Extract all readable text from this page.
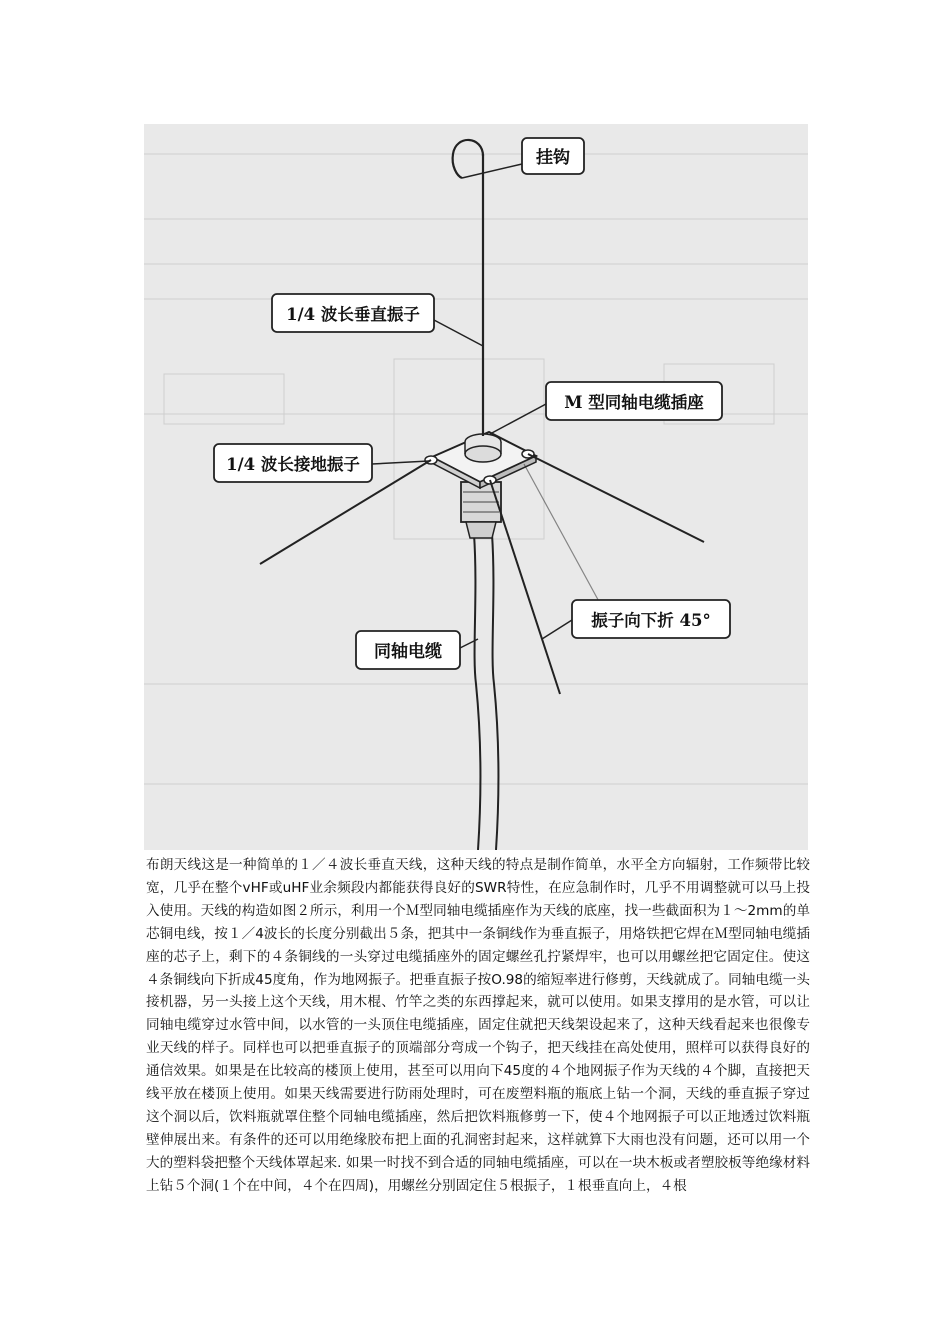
挂钩
1/4 波长垂直振子
M 型同轴电缆插座
1/4 波长接地振子
振子向下折 45°
同轴电缆

布朗天线这是一种简单的１／４波长垂直天线，这种天线的特点是制作简单，水平全方向辐射，工作频带比较宽，几乎在整个vHF或uHF业余频段内都能获得良好的SWR特性，在应急制作时，几乎不用调整就可以马上投入使用。天线的构造如图２所示，利用一个Ｍ型同轴电缆插座作为天线的底座，找一些截面积为１～2mm的单芯铜电线，按１／4波长的长度分别截出５条，把其中一条铜线作为垂直振子，用烙铁把它焊在Ｍ型同轴电缆插座的芯子上，剩下的４条铜线的一头穿过电缆插座外的固定螺丝孔拧紧焊牢，也可以用螺丝把它固定住。使这４条铜线向下折成45度角，作为地网振子。把垂直振子按O.98的缩短率进行修剪，天线就成了。同轴电缆一头接机器，另一头接上这个天线，用木棍、竹竿之类的东西撑起来，就可以使用。如果支撑用的是水管，可以让同轴电缆穿过水管中间，以水管的一头顶住电缆插座，固定住就把天线架设起来了，这种天线看起来也很像专业天线的样子。同样也可以把垂直振子的顶端部分弯成一个钩子，把天线挂在高处使用，照样可以获得良好的通信效果。如果是在比较高的楼顶上使用，甚至可以用向下45度的４个地网振子作为天线的４个脚，直接把天线平放在楼顶上使用。如果天线需要进行防雨处理时，可在废塑料瓶的瓶底上钻一个洞，天线的垂直振子穿过这个洞以后，饮料瓶就罩住整个同轴电缆插座，然后把饮料瓶修剪一下，使４个地网振子可以正地透过饮料瓶壁伸展出来。有条件的还可以用绝缘胶布把上面的孔洞密封起来，这样就算下大雨也没有问题，还可以用一个大的塑料袋把整个天线体罩起来. 如果一时找不到合适的同轴电缆插座，可以在一块木板或者塑胶板等绝缘材料上钻５个洞(１个在中间，４个在四周)，用螺丝分别固定住５根振子，１根垂直向上，４根
